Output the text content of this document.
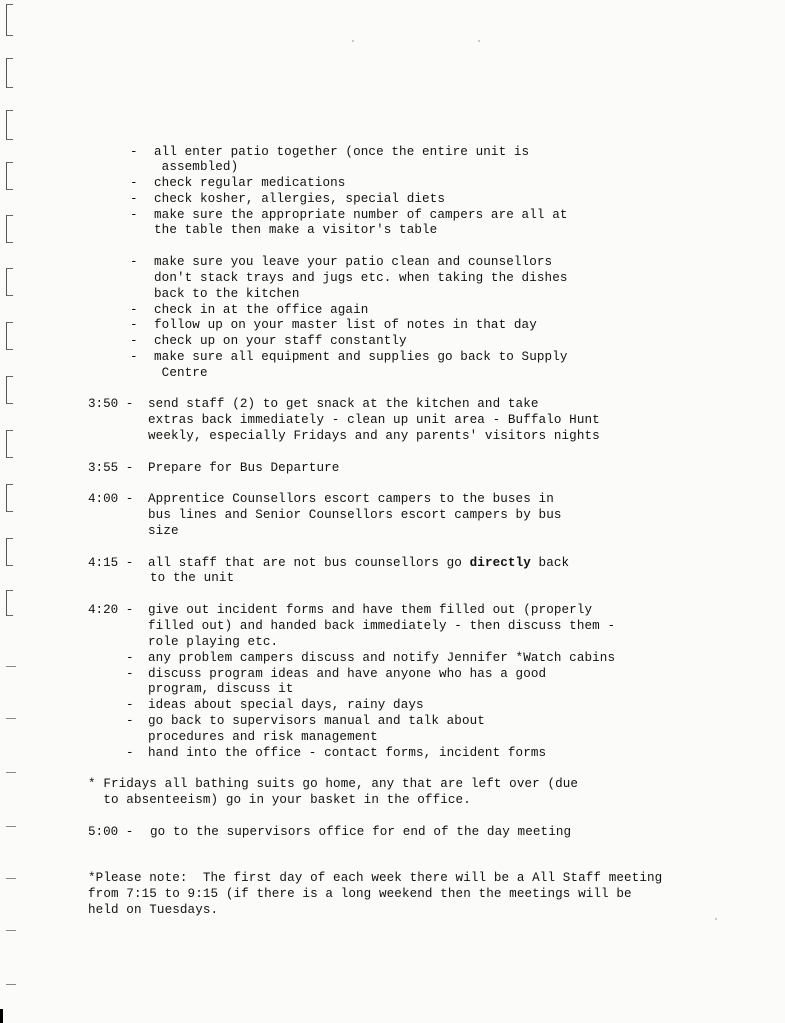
- all enter patio together (once the entire unit is
assembled)
- check regular medications
- check kosher, allergies, special diets
- make sure the appropriate number of campers are all at
the table then make a visitor's table
- make sure you leave your patio clean and counsellors
don't stack trays and jugs etc. when taking the dishes
back to the kitchen
- check in at the office again
- follow up on your master list of notes in that day
- check up on your staff constantly
- make sure all equipment and supplies go back to Supply
Centre
3:50 - send staff (2) to get snack at the kitchen and take
extras back immediately - clean up unit area - Buffalo Hunt
weekly, especially Fridays and any parents' visitors nights
3:55 - Prepare for Bus Departure
4:00 - Apprentice Counsellors escort campers to the buses in
bus lines and Senior Counsellors escort campers by bus
size
4:15 - all staff that are not bus counsellors go directly back
to the unit
4:20 - give out incident forms and have them filled out (properly
filled out) and handed back immediately - then discuss them -
role playing etc.
- any problem campers discuss and notify Jennifer *Watch cabins
- discuss program ideas and have anyone who has a good
program, discuss it
- ideas about special days, rainy days
- go back to supervisors manual and talk about
procedures and risk management
- hand into the office - contact forms, incident forms
* Fridays all bathing suits go home, any that are left over (due
to absenteeism) go in your basket in the office.
5:00 - go to the supervisors office for end of the day meeting
*Please note:  The first day of each week there will be a All Staff meeting
from 7:15 to 9:15 (if there is a long weekend then the meetings will be
held on Tuesdays.
